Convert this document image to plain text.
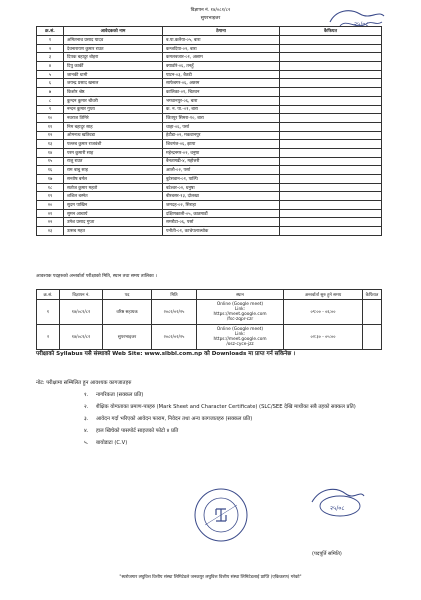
विज्ञापन नं. १४/०८१/८२
सुपरभाइजर
२५/०८
क्र.सं.	आवेदकको नाम	ठेगाना	कैफियत
१	अमितनाथ प्रसाद यादव	ब.पा.कलैया-०५, बारा	
२	देवनारायण कुमार राउत	कन्जदिया-०२, बारा	
३	दिपक बहादुर बोहरा	कमलबजार-०१, अछाम	
४	दिपु कार्की	क्याडोरे-०६, तनहुँ	
५	जानकी धामी	पाटन-०३, बैतडी	
६	जयन्द्र प्रसाद खनाल	साफेबगर-०६, अछाम	
७	किशोर श्रेष्ठ	कालिका-०१, चितवन	
८	कुन्दन कुमार चौधरी	भगवानपुर-०६, बारा	
९	नन्दन कुमार गुप्ता	क. न. पा.-०१, बारा	
१०	नवराज तिमिरे	जितपुर सिमरा-१०, बारा	
११	निम बहादुर साह	थाहा-०६, पर्सा	
१२	ओमनाथ खतिवडा	हेटौडा-०२, मकवानपुर	
१३	पल्लब कुमार राजवंशी	शिवगंज-०६, झापा	
१४	परम कुमारी साह	महेन्द्रनगर-०२, धनुषा	
१५	राजु राउत	बैनतागढी-४, महोत्तरी	
१६	राम बाबु साह	आलौ-०२, पर्सा	
१७	सन्तोष बर्मल	बुटेसवान-०१, पाल्पि	
१८	सतोज कुमार महतो	बटेश्वर-०२, धनुषा	
१९	शशिल बस्नेत	बीरबसर-१३, दोलखा	
२०	सुदम पाखिन	जमदह-०२, सिराहा	
२१	सुमन आचार्य	दक्षिणकाली-०५, काठमाडौं	
२२	उमेश प्रसाद गुप्ता	समरौटा-०६, पर्सा	
२३	उत्सब महत	पनौती-०१, काभ्रेपलाञ्चोक	
आवश्यक पदहरुको अन्तर्वार्ता परीक्षाको मिति, स्थान तथा समय तालिका ।
क्र.सं.	विज्ञापन नं.	पद	मिति	स्थान	अन्तर्वार्ता सुरु हुने समय	कैफियत
१	१४/०८१/८२	वरिष्ठ सहायक	२०८२/०२/२५	Online (Google meet)
Link:
https://meet.google.com
/fsc-zqpr-czr	०९:०० - ०६:००	
२	१४/०८१/८२	सुपरभाइजर	२०८२/०२/२५	Online (Google meet)
Link:
https://meet.google.com
/osz-cyce-jzz	०२:३० - ०५:००	
परीक्षाको Syllabus यसै संस्थाको Web Site: www.slbbl.com.np को Downloads मा प्राप्त गर्न सकिनेछ ।
नोट: परीक्षामा सम्मिलित हुन आवश्यक कागजातहरु
१. नागरिकता (सक्कल प्रति)
२. शैक्षिक योग्यताका प्रमाण-पत्रहरु (Mark Sheet and Character Certificate) (SLC/SEE देखि माथीका सबै तहको सक्कल प्रति)
३. आवेदन गर्दा भरिएको आवेदन फाराम, निवेदन तथा अन्य कागजातहरु (सक्कल प्रति)
४. हाल खिचेको पासपोर्ट साइजको फोटो ४ प्रति
५. बायोडाटा (C.V)
२५/०८
(पदपूर्ति समिति)
"स्वरोजगार लघुवित्त वित्तीय संस्था लिमिटेडले जनकपुर लघुवित्त वित्तीय संस्था लिमिटेडलाई प्राप्ति (एकिकरण) गरेको"
